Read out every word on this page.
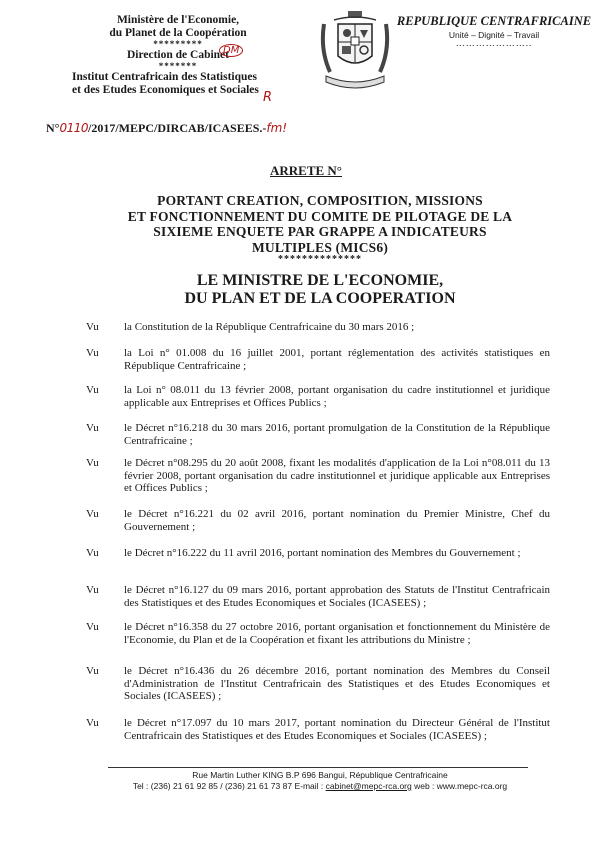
Ministère de l'Economie,
du Planet de la Coopération
*********
Direction de Cabinet
*******
Institut Centrafricain des Statistiques
et des Etudes Economiques et Sociales
DM
R
N°0110/2017/MEPC/DIRCAB/ICASEES.-fm!
REPUBLIQUE CENTRAFRICAINE
Unité – Dignité – Travail
…………………..
ARRETE N°
PORTANT CREATION, COMPOSITION, MISSIONS
ET FONCTIONNEMENT DU COMITE DE PILOTAGE DE LA
SIXIEME ENQUETE PAR GRAPPE A INDICATEURS
MULTIPLES (MICS6)
**************
LE MINISTRE DE L'ECONOMIE,
DU PLAN ET DE LA COOPERATION
Vu la Constitution de la République Centrafricaine du 30 mars 2016 ;
Vu la Loi n° 01.008 du 16 juillet 2001, portant réglementation des activités statistiques en République Centrafricaine ;
Vu la Loi n° 08.011 du 13 février 2008, portant organisation du cadre institutionnel et juridique applicable aux Entreprises et Offices Publics ;
Vu le Décret n°16.218 du 30 mars 2016, portant promulgation de la Constitution de la République Centrafricaine ;
Vu le Décret n°08.295 du 20 août 2008, fixant les modalités d'application de la Loi n°08.011 du 13 février 2008, portant organisation du cadre institutionnel et juridique applicable aux Entreprises et Offices Publics ;
Vu le Décret n°16.221 du 02 avril 2016, portant nomination du Premier Ministre, Chef du Gouvernement ;
Vu le Décret n°16.222 du 11 avril 2016, portant nomination des Membres du Gouvernement ;
Vu le Décret n°16.127 du 09 mars 2016, portant approbation des Statuts de l'Institut Centrafricain des Statistiques et des Etudes Economiques et Sociales (ICASEES) ;
Vu le Décret n°16.358 du 27 octobre 2016, portant organisation et fonctionnement du Ministère de l'Economie, du Plan et de la Coopération et fixant les attributions du Ministre ;
Vu le Décret n°16.436 du 26 décembre 2016, portant nomination des Membres du Conseil d'Administration de l'Institut Centrafricain des Statistiques et des Etudes Economiques et Sociales (ICASEES) ;
Vu le Décret n°17.097 du 10 mars 2017, portant nomination du Directeur Général de l'Institut Centrafricain des Statistiques et des Etudes Economiques et Sociales (ICASEES) ;
Rue Martin Luther KING B.P 696 Bangui, République Centrafricaine
Tel : (236) 21 61 92 85 / (236) 21 61 73 87 E-mail : cabinet@mepc-rca.org web : www.mepc-rca.org
